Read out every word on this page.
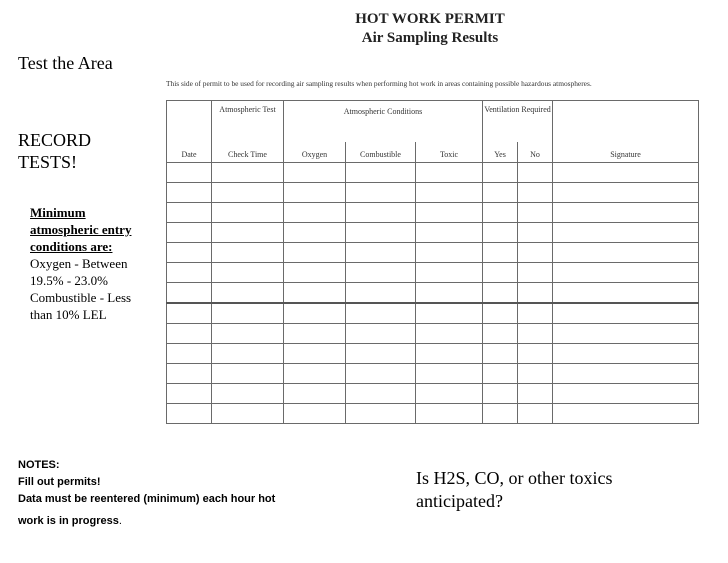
Test the Area
RECORD
TESTS!
Minimum
atmospheric entry
conditions are:
Oxygen - Between
19.5% - 23.0%
Combustible - Less
than 10% LEL
HOT WORK PERMIT
Air Sampling Results
This side of permit to be used for recording air sampling results when performing hot work in areas containing possible hazardous atmospheres.
	Atmospheric Test	Atmospheric Conditions			Ventilation Required		
Date	Check Time	Oxygen	Combustible	Toxic	Yes	No	Signature

NOTES:
Fill out permits!
Data must be reentered (minimum) each hour hot
work is in progress.
Is H2S, CO, or other toxics
anticipated?
